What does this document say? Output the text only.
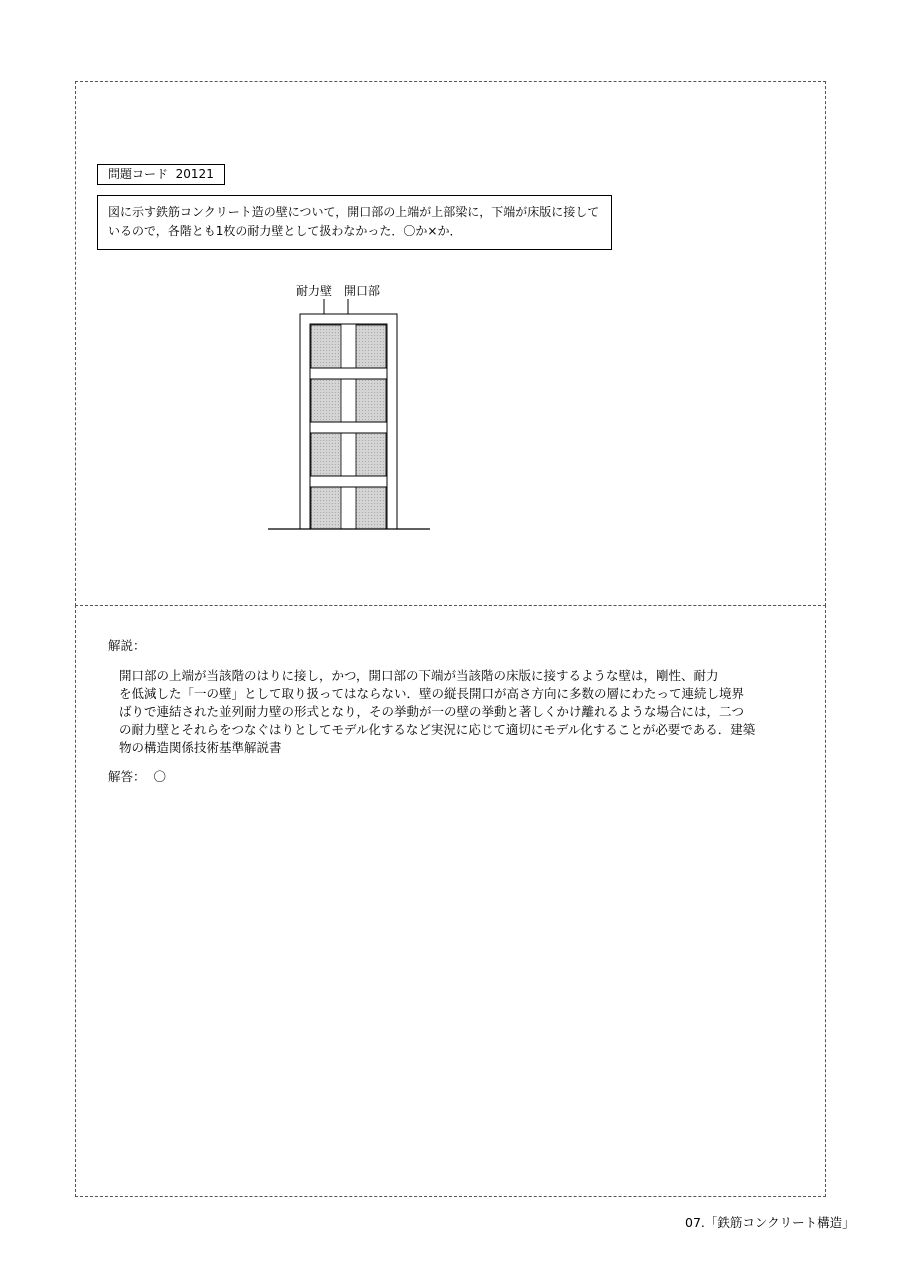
問題コード 20121
図に示す鉄筋コンクリート造の壁について，開口部の上端が上部梁に，下端が床版に接して
いるので，各階とも1枚の耐力壁として扱わなかった．〇か×か．
耐力壁 開口部
解説：
開口部の上端が当該階のはりに接し，かつ，開口部の下端が当該階の床版に接するような壁は，剛性、耐力
を低減した「一の壁」として取り扱ってはならない．壁の縦長開口が高さ方向に多数の層にわたって連続し境界
ばりで連結された並列耐力壁の形式となり，その挙動が一の壁の挙動と著しくかけ離れるような場合には，二つ
の耐力壁とそれらをつなぐはりとしてモデル化するなど実況に応じて適切にモデル化することが必要である．建築
物の構造関係技術基準解説書
解答： 〇
07.「鉄筋コンクリート構造」
